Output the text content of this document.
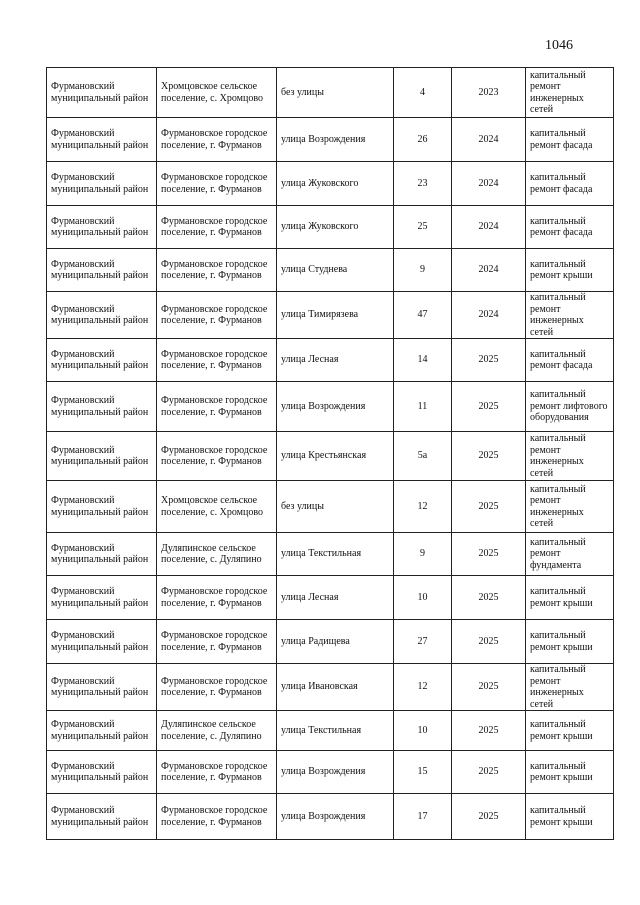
1046
Фурмановский муниципальный район	Хромцовское сельское поселение, с. Хромцово	без улицы	4	2023	капитальный ремонт инженерных сетей
Фурмановский муниципальный район	Фурмановское городское поселение, г. Фурманов	улица Возрождения	26	2024	капитальный ремонт фасада
Фурмановский муниципальный район	Фурмановское городское поселение, г. Фурманов	улица Жуковского	23	2024	капитальный ремонт фасада
Фурмановский муниципальный район	Фурмановское городское поселение, г. Фурманов	улица Жуковского	25	2024	капитальный ремонт фасада
Фурмановский муниципальный район	Фурмановское городское поселение, г. Фурманов	улица Студнева	9	2024	капитальный ремонт крыши
Фурмановский муниципальный район	Фурмановское городское поселение, г. Фурманов	улица Тимирязева	47	2024	капитальный ремонт инженерных сетей
Фурмановский муниципальный район	Фурмановское городское поселение, г. Фурманов	улица Лесная	14	2025	капитальный ремонт фасада
Фурмановский муниципальный район	Фурмановское городское поселение, г. Фурманов	улица Возрождения	11	2025	капитальный ремонт лифтового оборудования
Фурмановский муниципальный район	Фурмановское городское поселение, г. Фурманов	улица Крестьянская	5а	2025	капитальный ремонт инженерных сетей
Фурмановский муниципальный район	Хромцовское сельское поселение, с. Хромцово	без улицы	12	2025	капитальный ремонт инженерных сетей
Фурмановский муниципальный район	Дуляпинское сельское поселение, с. Дуляпино	улица Текстильная	9	2025	капитальный ремонт фундамента
Фурмановский муниципальный район	Фурмановское городское поселение, г. Фурманов	улица Лесная	10	2025	капитальный ремонт крыши
Фурмановский муниципальный район	Фурмановское городское поселение, г. Фурманов	улица Радищева	27	2025	капитальный ремонт крыши
Фурмановский муниципальный район	Фурмановское городское поселение, г. Фурманов	улица Ивановская	12	2025	капитальный ремонт инженерных сетей
Фурмановский муниципальный район	Дуляпинское сельское поселение, с. Дуляпино	улица Текстильная	10	2025	капитальный ремонт крыши
Фурмановский муниципальный район	Фурмановское городское поселение, г. Фурманов	улица Возрождения	15	2025	капитальный ремонт крыши
Фурмановский муниципальный район	Фурмановское городское поселение, г. Фурманов	улица Возрождения	17	2025	капитальный ремонт крыши
